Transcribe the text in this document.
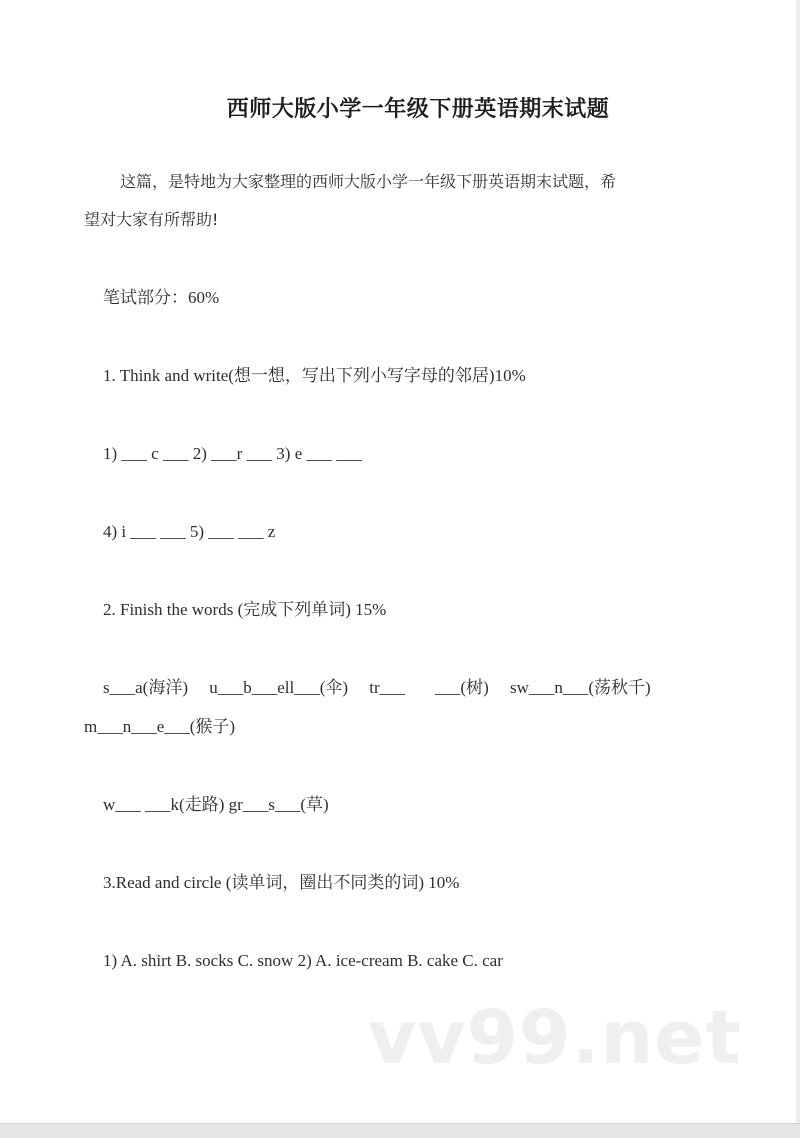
西师大版小学一年级下册英语期末试题
这篇，是特地为大家整理的西师大版小学一年级下册英语期末试题，希
望对大家有所帮助!
笔试部分：60%
1. Think and write(想一想，写出下列小写字母的邻居)10%
1) ___ c ___ 2) ___r ___ 3) e ___ ___
4) i ___ ___ 5) ___ ___ z
2. Finish the words (完成下列单词) 15%
s___a(海洋)     u___b___ell___(伞)     tr___       ___(树)     sw___n___(荡秋千)
m___n___e___(猴子)
w___ ___k(走路) gr___s___(草)
3.Read and circle (读单词，圈出不同类的词) 10%
1) A. shirt B. socks C. snow 2) A. ice-cream B. cake C. car
vv99.net
